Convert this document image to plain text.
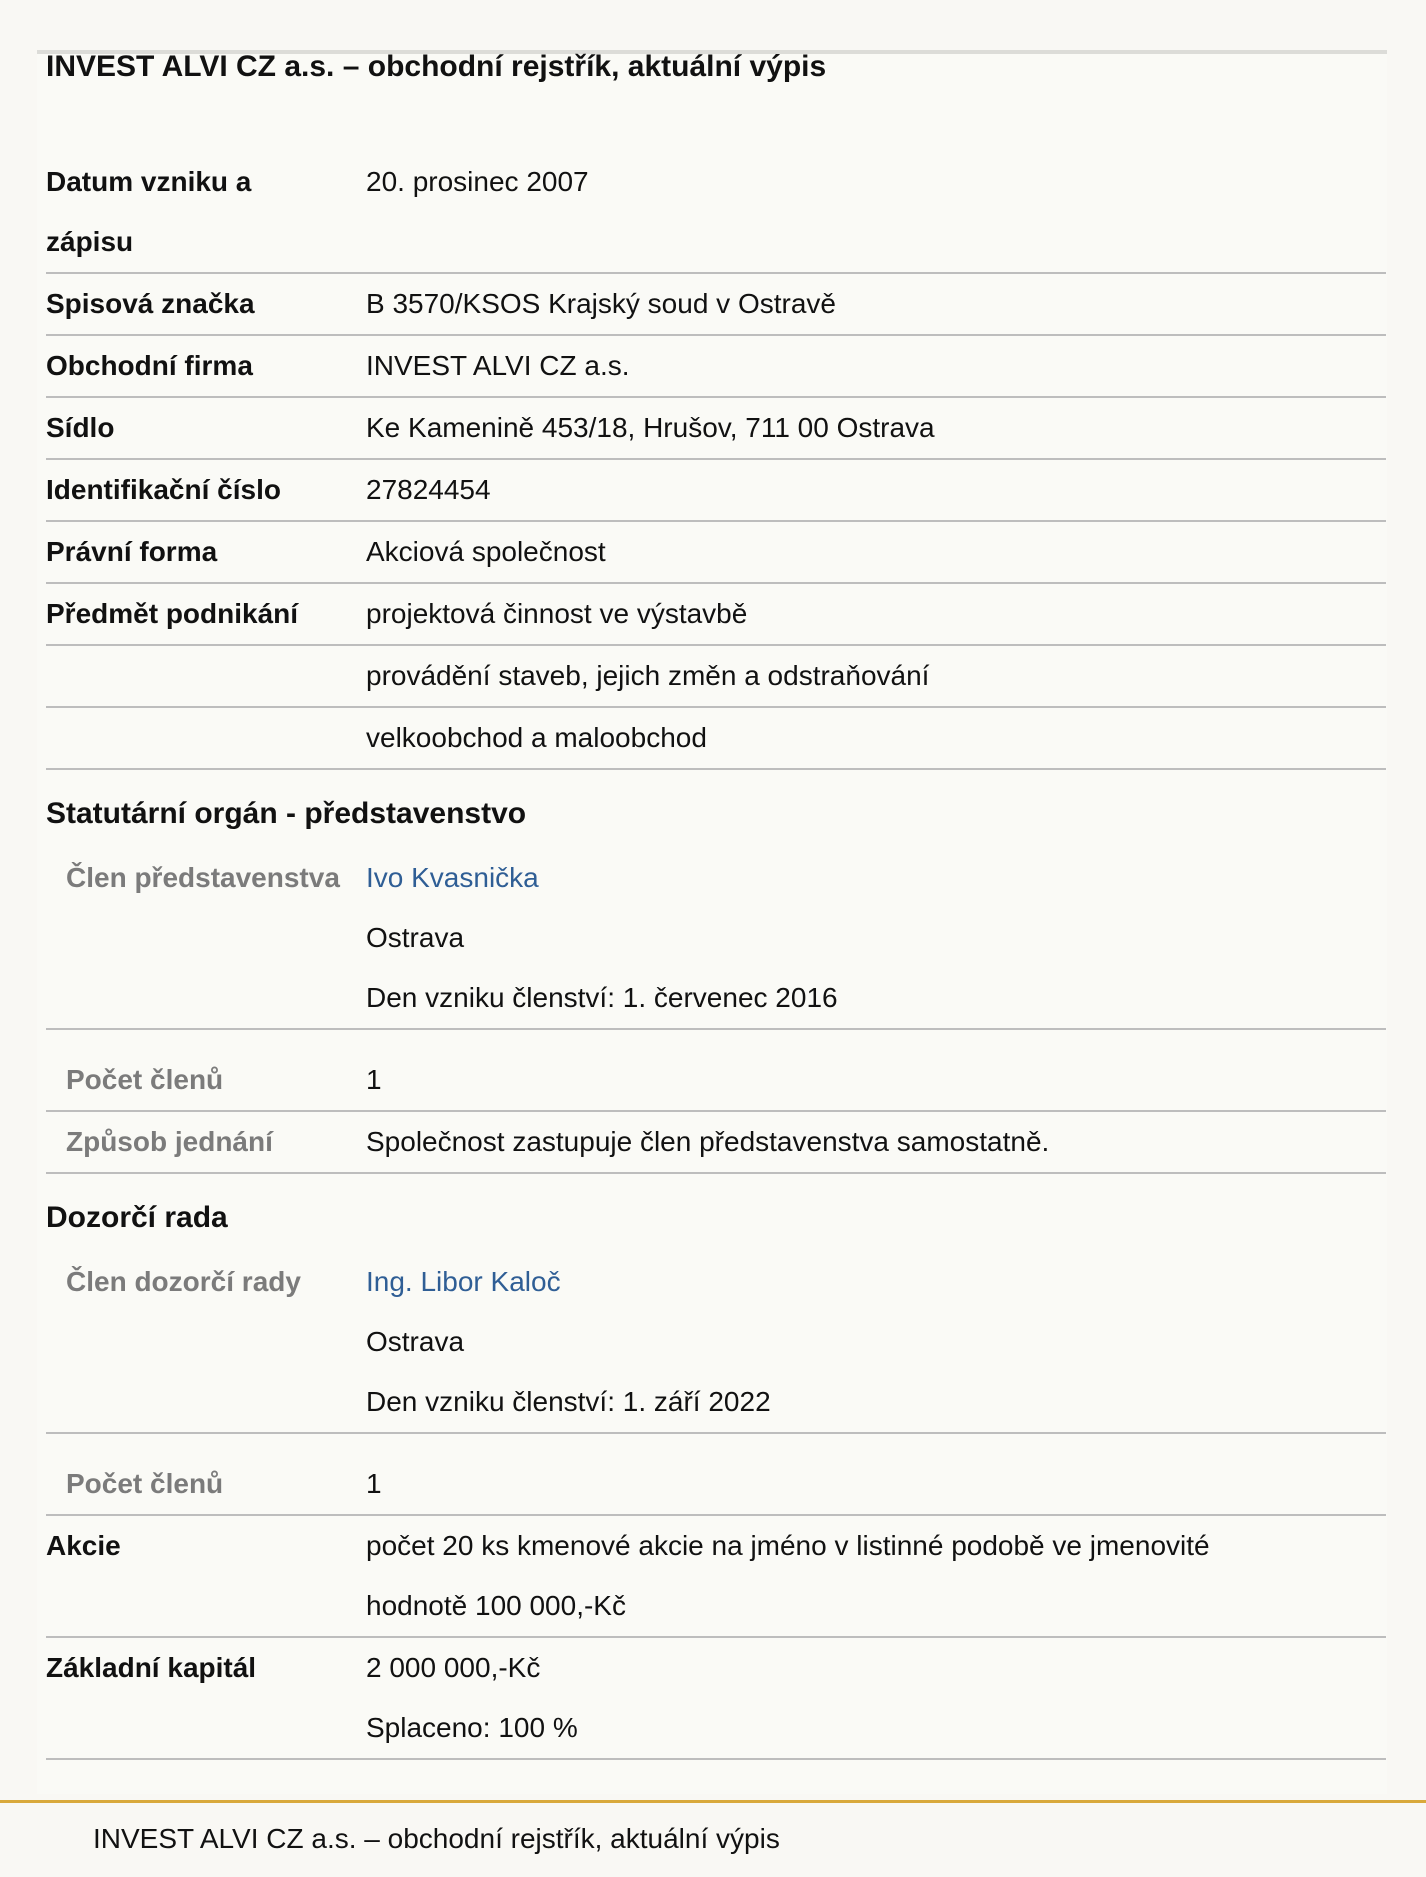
INVEST ALVI CZ a.s. – obchodní rejstřík, aktuální výpis
Datum vzniku a
zápisu	20. prosinec 2007

Spisová značka	B 3570/KSOS Krajský soud v Ostravě

Obchodní firma	INVEST ALVI CZ a.s.

Sídlo	Ke Kamenině 453/18, Hrušov, 711 00 Ostrava

Identifikační číslo	27824454

Právní forma	Akciová společnost

Předmět podnikání	projektová činnost ve výstavbě

	provádění staveb, jejich změn a odstraňování

	velkoobchod a maloobchod
Statutární orgán - představenstvo
Člen představenstva	Ivo Kvasnička
Ostrava
Den vzniku členství: 1. červenec 2016

Počet členů	1

Způsob jednání	Společnost zastupuje člen představenstva samostatně.
Dozorčí rada
Člen dozorčí rady	Ing. Libor Kaloč
Ostrava
Den vzniku členství: 1. září 2022

Počet členů	1

Akcie	počet 20 ks kmenové akcie na jméno v listinné podobě ve jmenovité
hodnotě 100 000,-Kč

Základní kapitál	2 000 000,-Kč
Splaceno: 100 %
INVEST ALVI CZ a.s. – obchodní rejstřík, aktuální výpis
